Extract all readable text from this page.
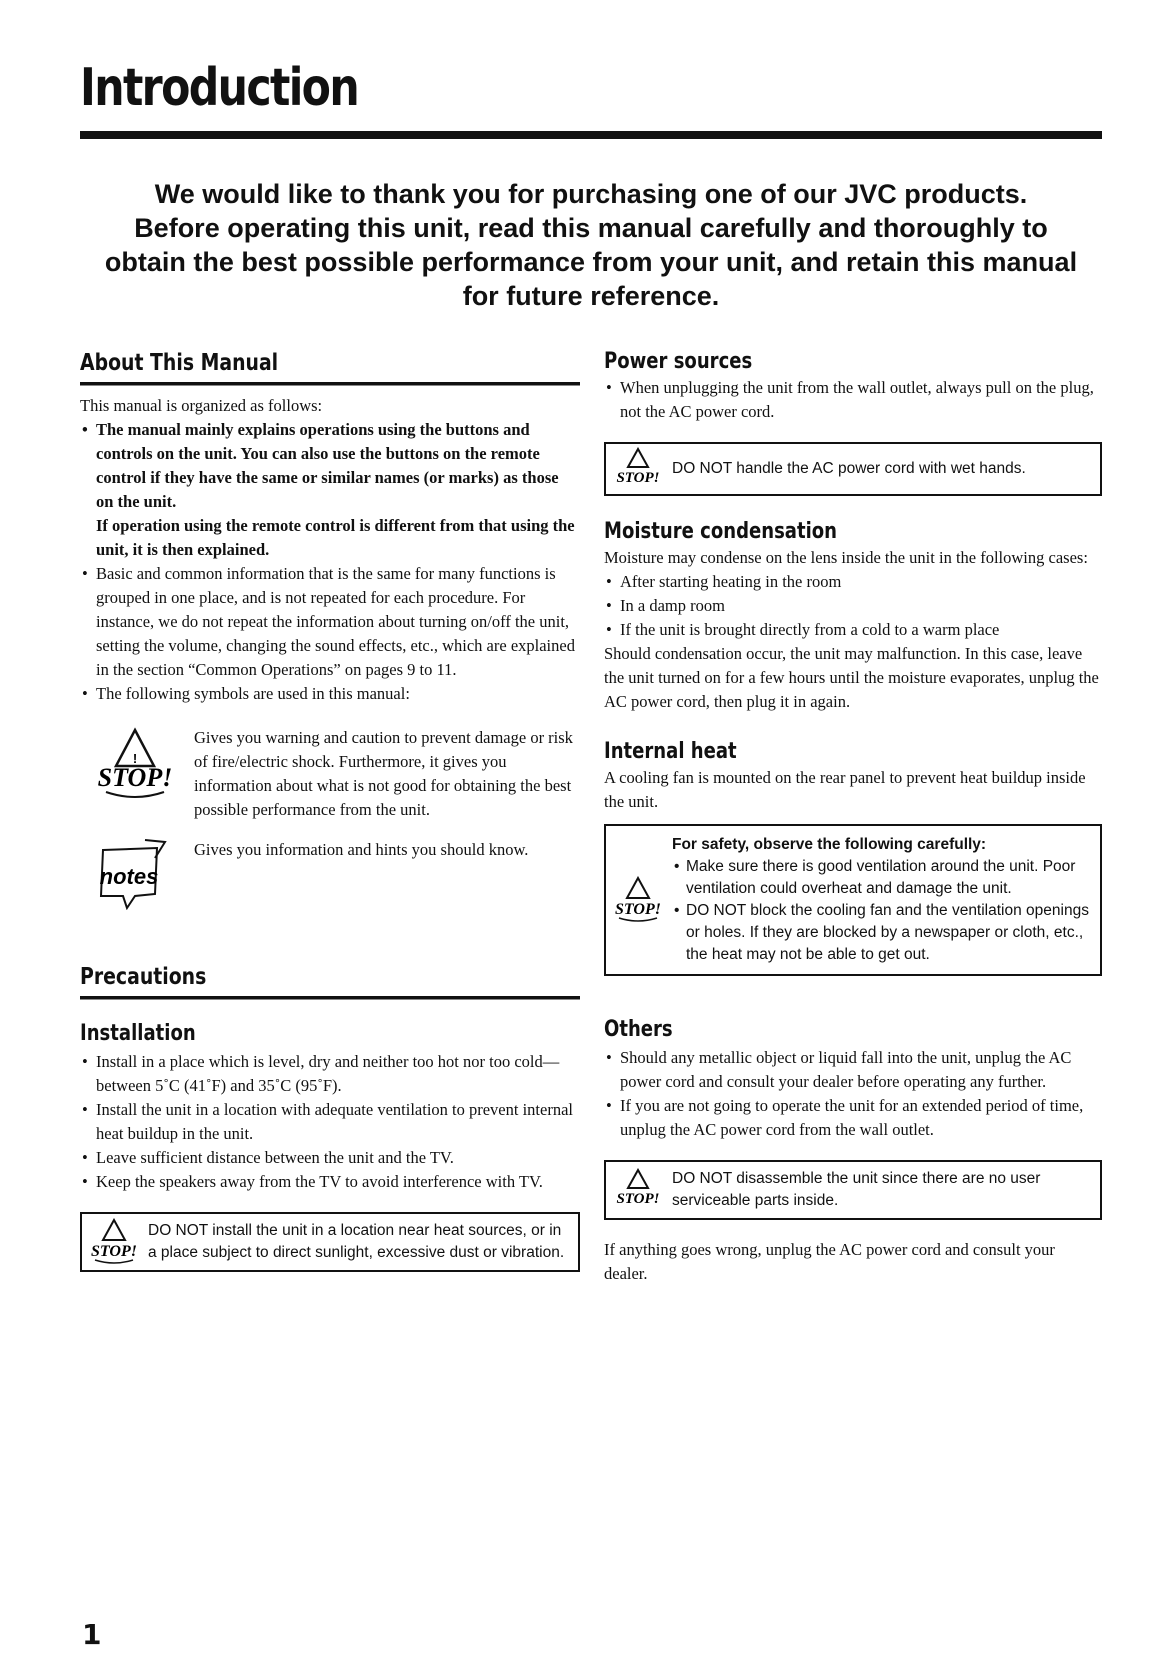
Introduction
We would like to thank you for purchasing one of our JVC products.
Before operating this unit, read this manual carefully and thoroughly to
obtain the best possible performance from your unit, and retain this manual
for future reference.
About This Manual

This manual is organized as follows:

• The manual mainly explains operations using the buttons and controls on the unit. You can also use the buttons on the remote control if they have the same or similar names (or marks) as those on the unit.
If operation using the remote control is different from that using the unit, it is then explained.
• Basic and common information that is the same for many functions is grouped in one place, and is not repeated for each procedure. For instance, we do not repeat the information about turning on/off the unit, setting the volume, changing the sound effects, etc., which are explained in the section “Common Operations” on pages 9 to 11.
• The following symbols are used in this manual:
!
STOP!
Gives you warning and caution to prevent damage or risk of fire/electric shock. Furthermore, it gives you information about what is not good for obtaining the best possible performance from the unit.
notes
Gives you information and hints you should know.
Precautions
Installation
• Install in a place which is level, dry and neither too hot nor too cold—between 5˚C (41˚F) and 35˚C (95˚F).
• Install the unit in a location with adequate ventilation to prevent internal heat buildup in the unit.
• Leave sufficient distance between the unit and the TV.
• Keep the speakers away from the TV to avoid interference with TV.
STOP!
DO NOT install the unit in a location near heat sources, or in a place subject to direct sunlight, excessive dust or vibration.
Power sources
• When unplugging the unit from the wall outlet, always pull on the plug, not the AC power cord.
STOP!
DO NOT handle the AC power cord with wet hands.
Moisture condensation

Moisture may condense on the lens inside the unit in the following cases:

• After starting heating in the room
• In a damp room
• If the unit is brought directly from a cold to a warm place

Should condensation occur, the unit may malfunction. In this case, leave the unit turned on for a few hours until the moisture evaporates, unplug the AC power cord, then plug it in again.

Internal heat

A cooling fan is mounted on the rear panel to prevent heat buildup inside the unit.

STOP!
For safety, observe the following carefully:
• Make sure there is good ventilation around the unit. Poor ventilation could overheat and damage the unit.
• DO NOT block the cooling fan and the ventilation openings or holes. If they are blocked by a newspaper or cloth, etc., the heat may not be able to get out.
Others
• Should any metallic object or liquid fall into the unit, unplug the AC power cord and consult your dealer before operating any further.
• If you are not going to operate the unit for an extended period of time, unplug the AC power cord from the wall outlet.
STOP!
DO NOT disassemble the unit since there are no user serviceable parts inside.

If anything goes wrong, unplug the AC power cord and consult your dealer.

1
